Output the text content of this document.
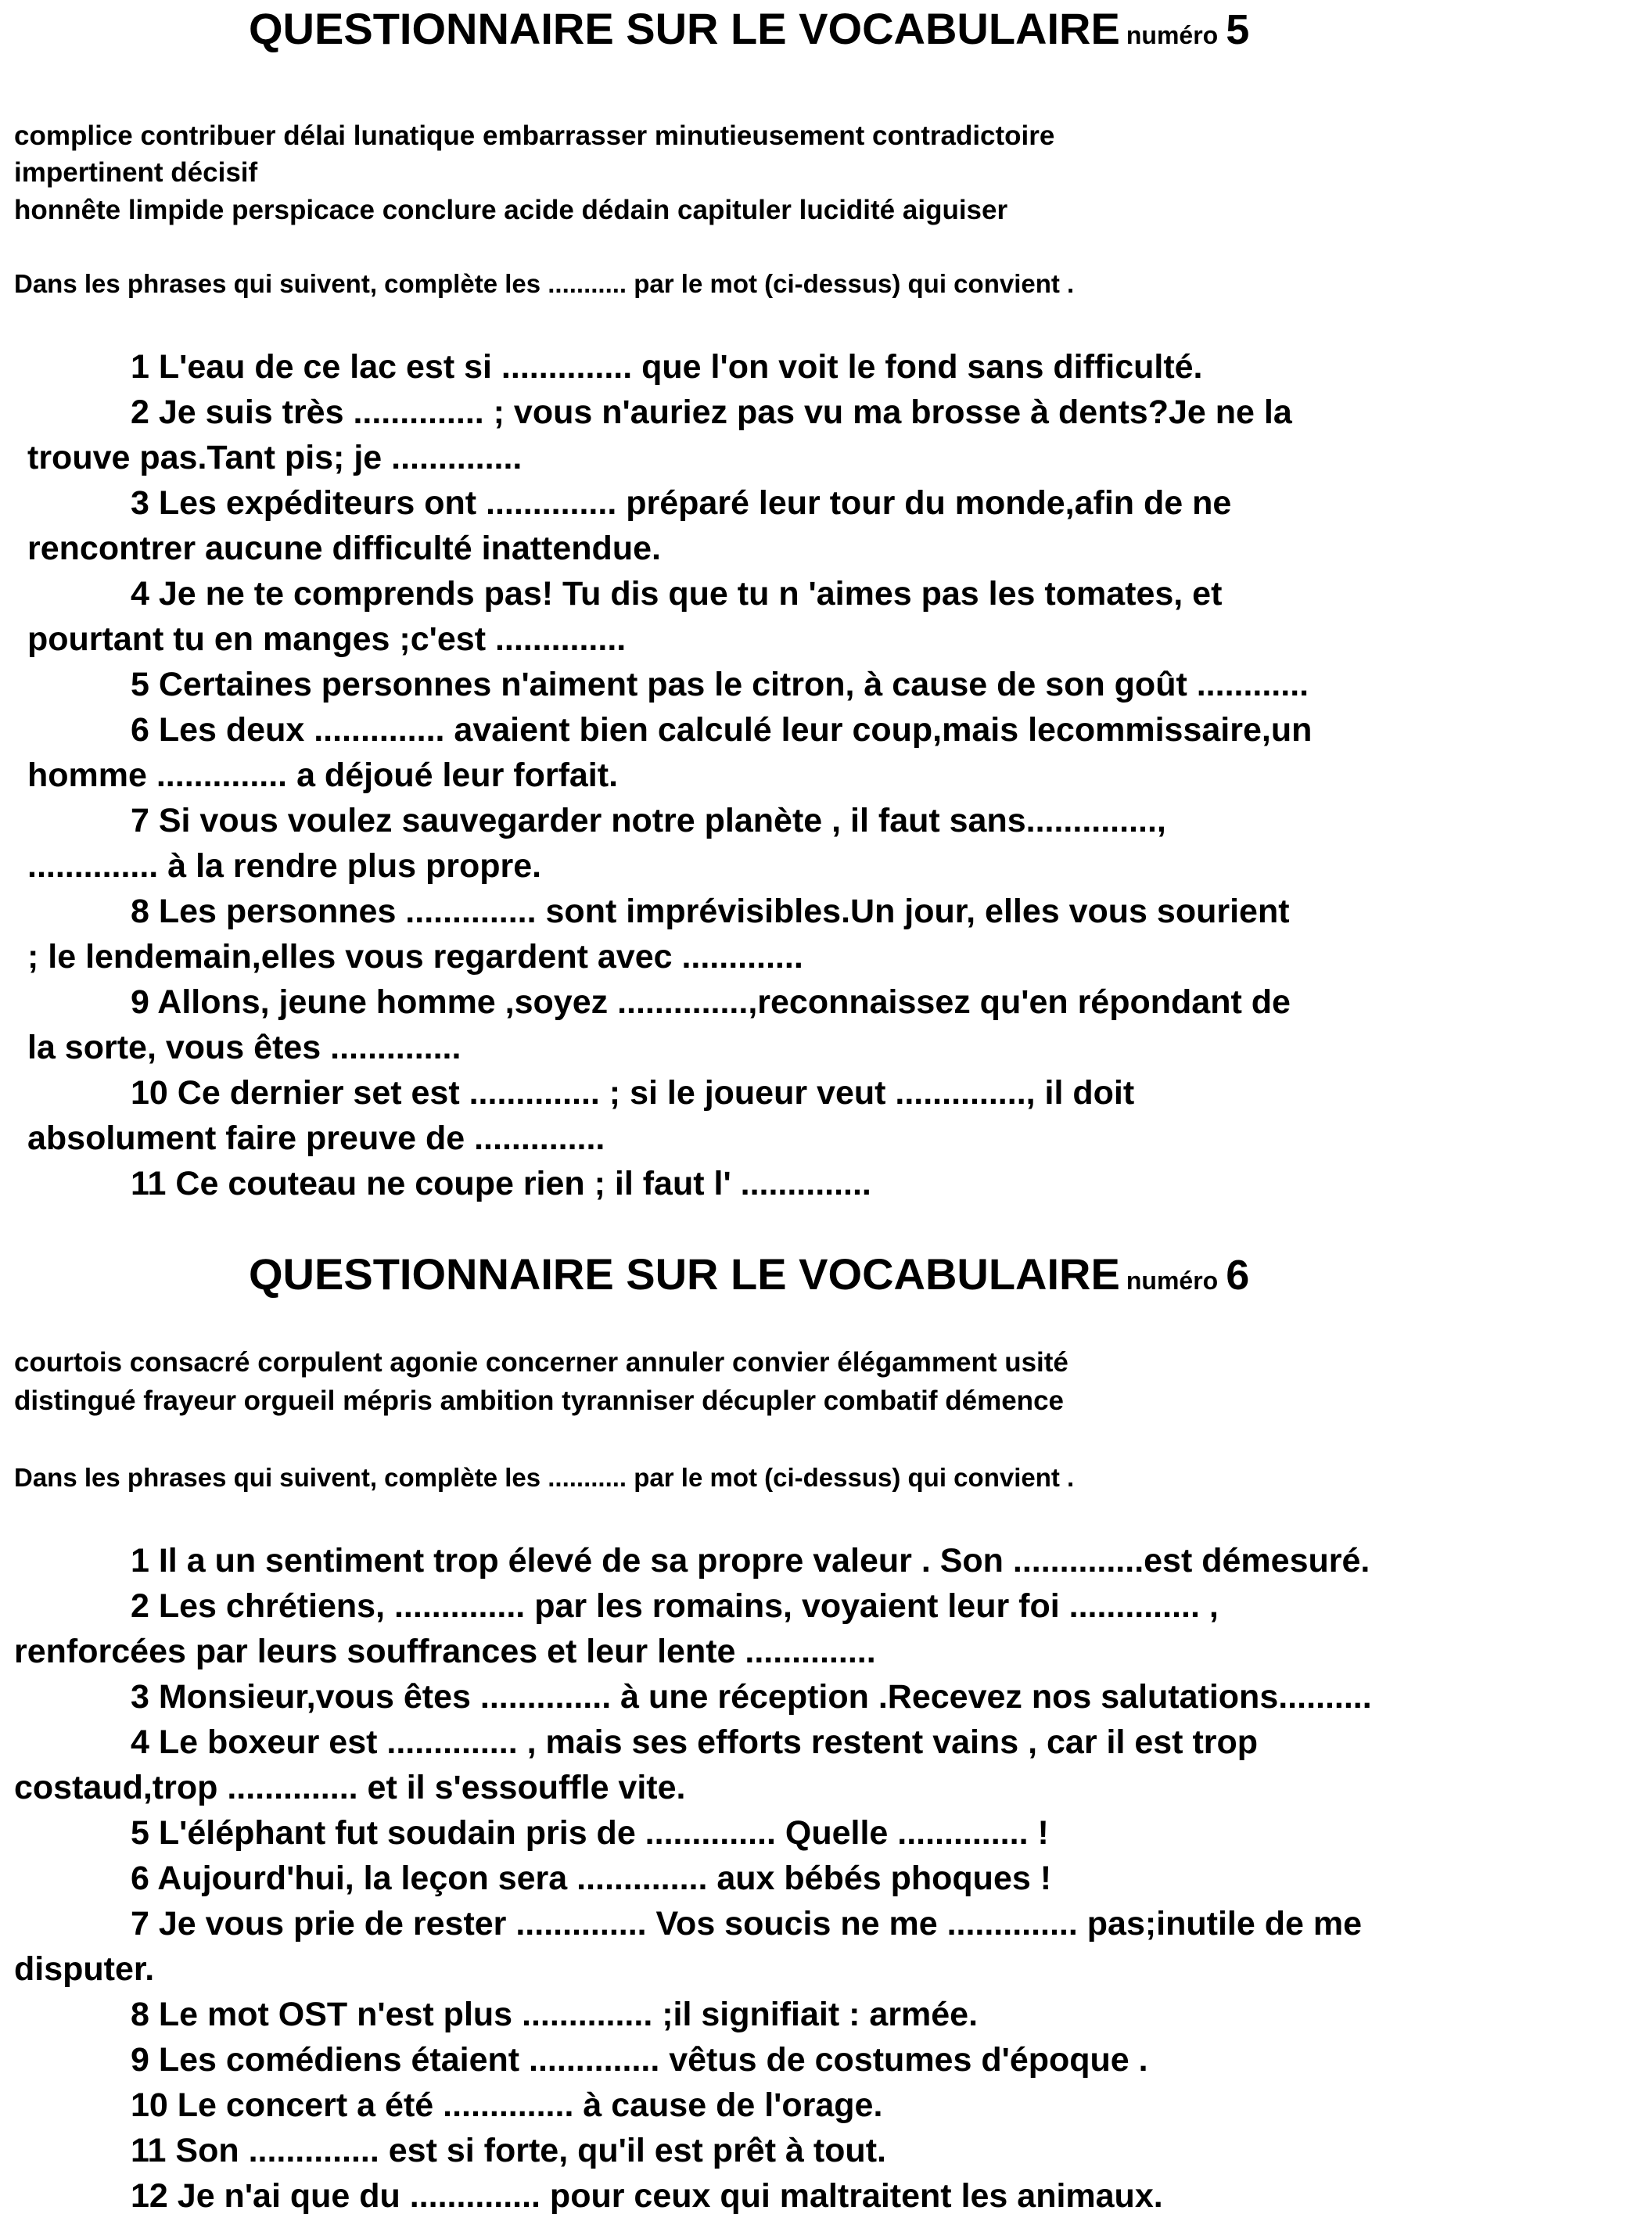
QUESTIONNAIRE SUR LE VOCABULAIRE numéro 5
complice contribuer délai lunatique embarrasser minutieusement contradictoire
impertinent décisif
honnête limpide perspicace conclure acide dédain capituler lucidité aiguiser
Dans les phrases qui suivent, complète les ........... par le mot (ci-dessus) qui convient .
1 L'eau de ce lac est si .............. que l'on voit le fond sans difficulté.
2 Je suis très .............. ; vous n'auriez pas vu ma brosse à dents?Je ne la
trouve pas.Tant pis; je ..............
3 Les expéditeurs ont .............. préparé leur tour du monde,afin de ne
rencontrer aucune difficulté inattendue.
4 Je ne te comprends pas! Tu dis que tu n 'aimes pas les tomates, et
pourtant tu en manges ;c'est ..............
5 Certaines personnes n'aiment pas le citron, à cause de son goût ............
6 Les deux .............. avaient bien calculé leur coup,mais lecommissaire,un
homme .............. a déjoué leur forfait.
7 Si vous voulez sauvegarder notre planète , il faut sans..............,
.............. à la rendre plus propre.
8 Les personnes .............. sont imprévisibles.Un jour, elles vous sourient
; le lendemain,elles vous regardent avec .............
9 Allons, jeune homme ,soyez ..............,reconnaissez qu'en répondant de
la sorte, vous êtes ..............
10 Ce dernier set est .............. ; si le joueur veut .............., il doit
absolument faire preuve de ..............
11 Ce couteau ne coupe rien ; il faut l' ..............
QUESTIONNAIRE SUR LE VOCABULAIRE numéro 6
courtois consacré corpulent agonie concerner annuler convier élégamment usité
distingué frayeur orgueil mépris ambition tyranniser décupler combatif démence
Dans les phrases qui suivent, complète les ........... par le mot (ci-dessus) qui convient .
1 Il a un sentiment trop élevé de sa propre valeur . Son ..............est démesuré.
2 Les chrétiens, .............. par les romains, voyaient leur foi .............. ,
renforcées par leurs souffrances et leur lente ..............
3 Monsieur,vous êtes .............. à une réception .Recevez nos salutations..........
4 Le boxeur est .............. , mais ses efforts restent vains , car il est trop
costaud,trop .............. et il s'essouffle vite.
5 L'éléphant fut soudain pris de .............. Quelle .............. !
6 Aujourd'hui, la leçon sera .............. aux bébés phoques !
7 Je vous prie de rester .............. Vos soucis ne me .............. pas;inutile de me
disputer.
8 Le mot OST n'est plus .............. ;il signifiait : armée.
9 Les comédiens étaient .............. vêtus de costumes d'époque .
10 Le concert a été .............. à cause de l'orage.
11 Son .............. est si forte, qu'il est prêt à tout.
12 Je n'ai que du .............. pour ceux qui maltraitent les animaux.
